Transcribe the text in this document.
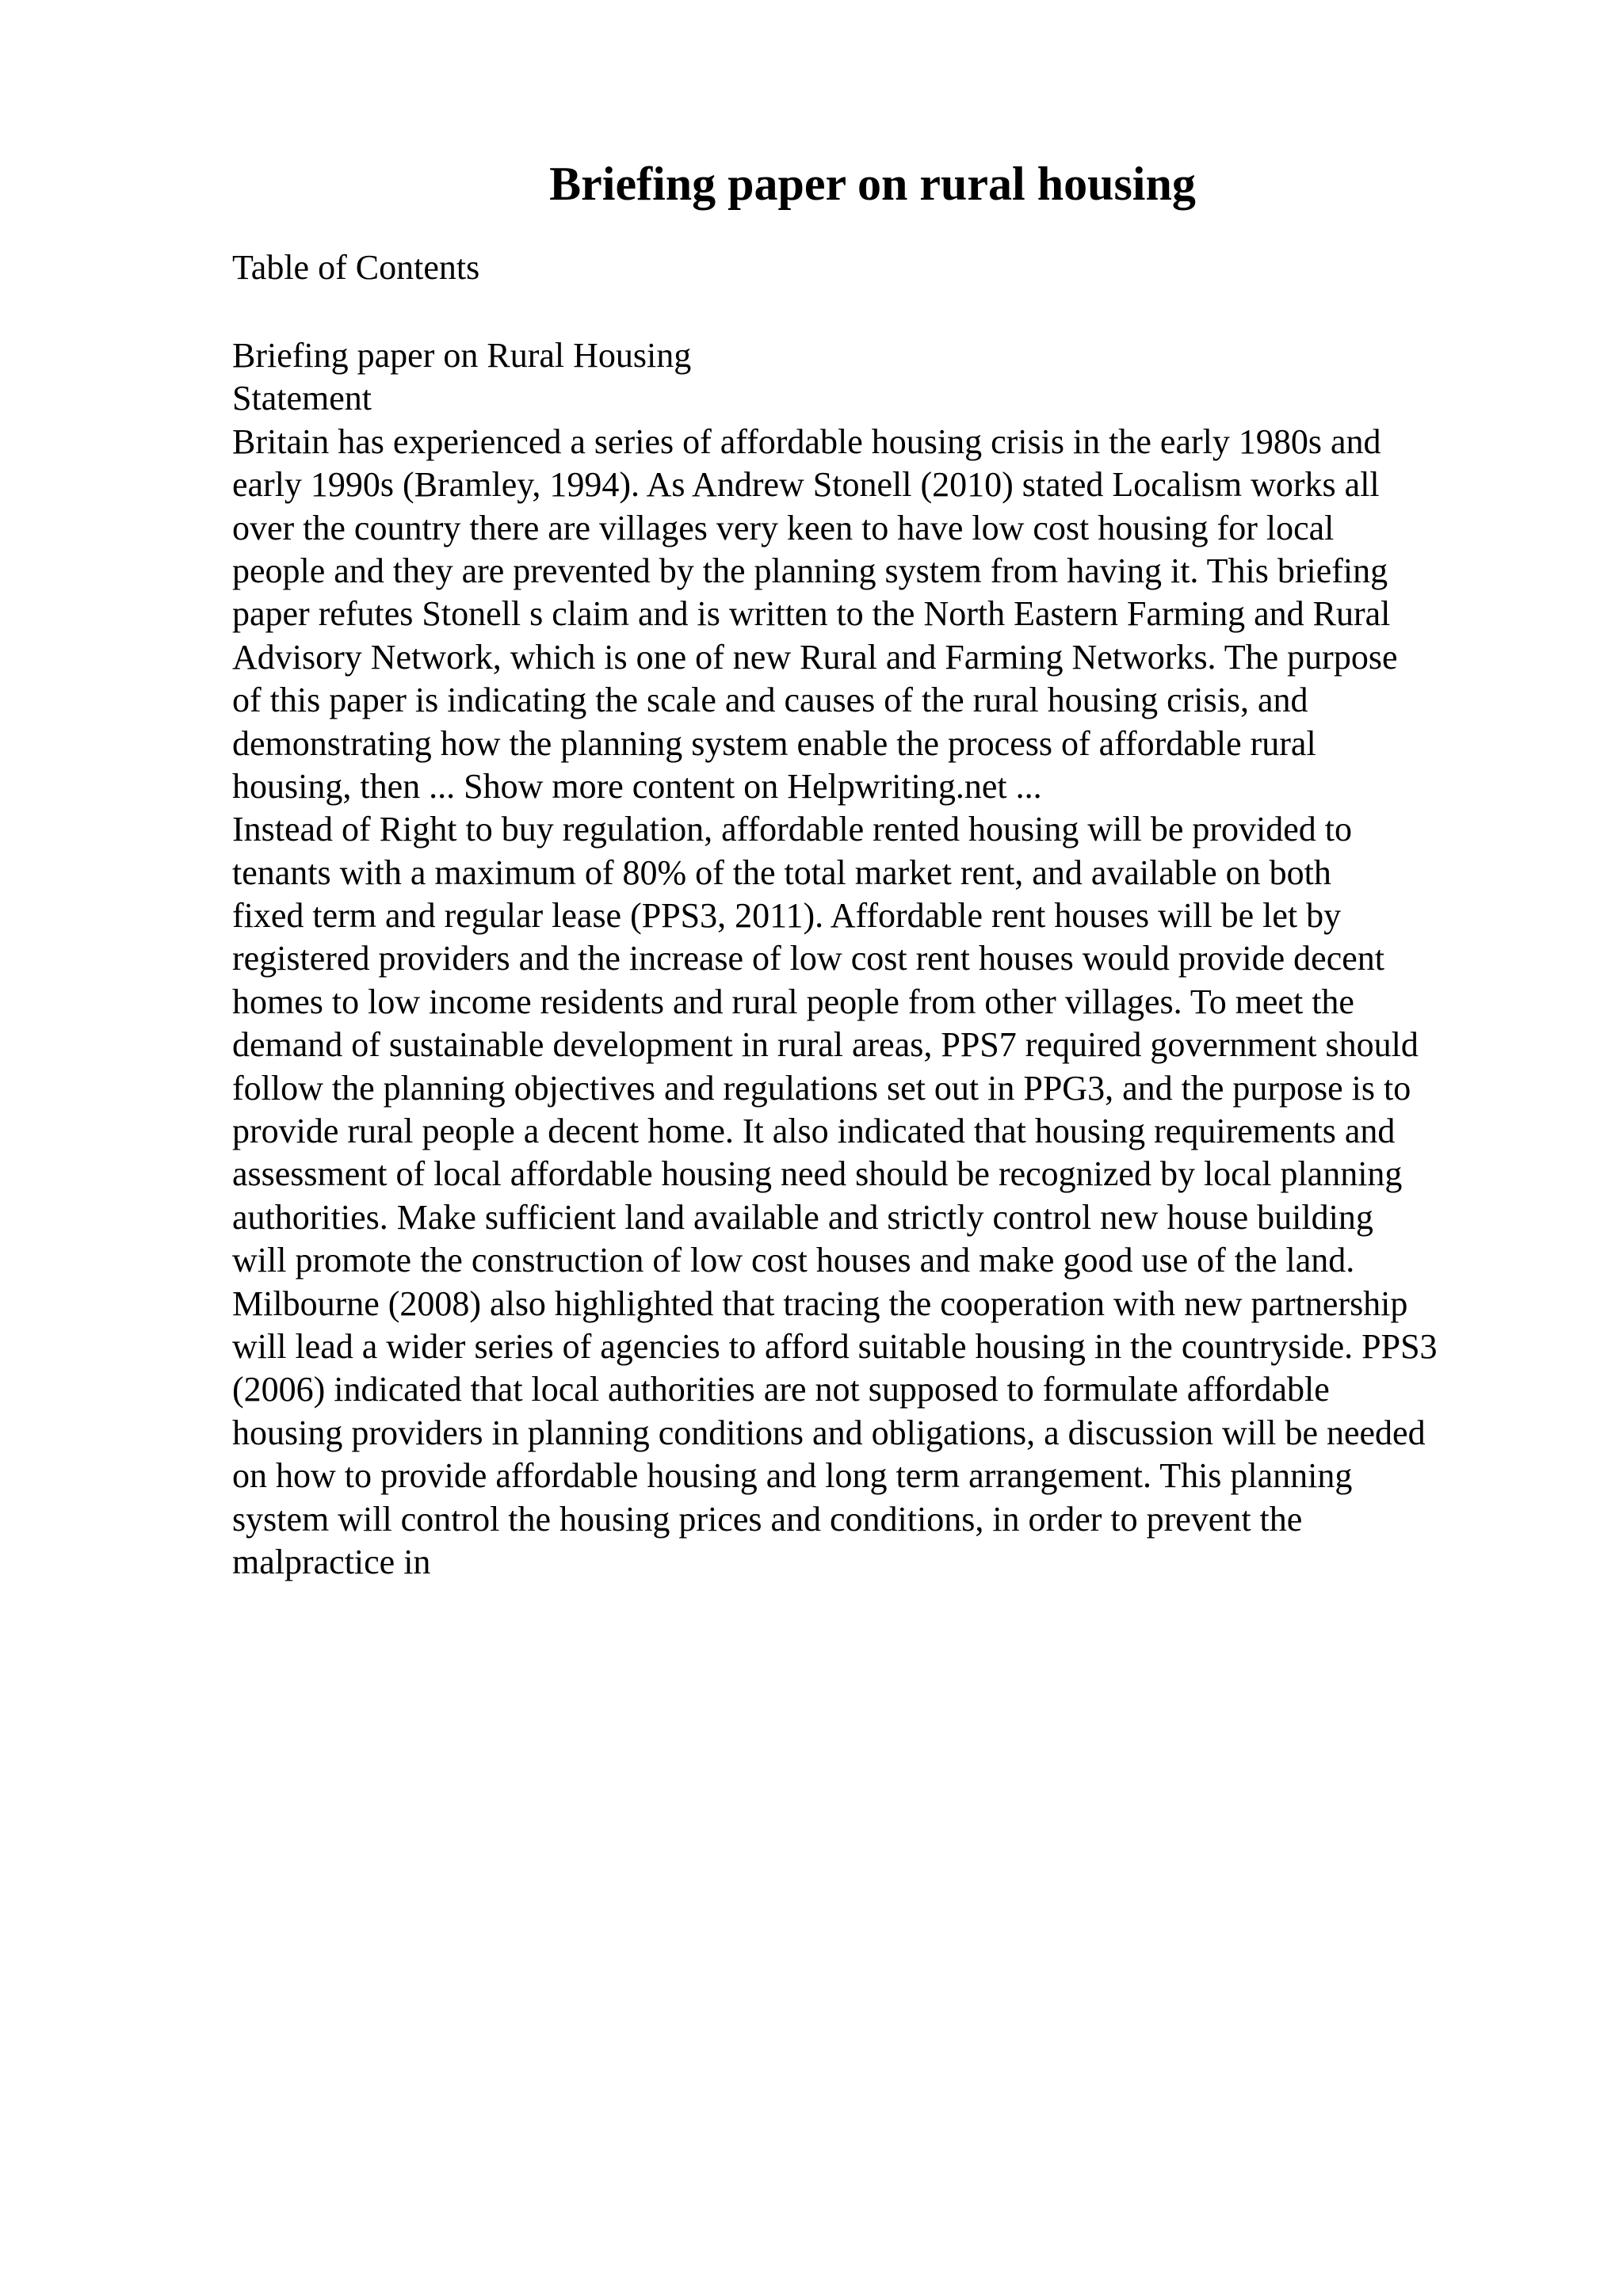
Briefing paper on rural housing

Table of Contents

Briefing paper on Rural Housing
Statement
Britain has experienced a series of affordable housing crisis in the early 1980s and
early 1990s (Bramley, 1994). As Andrew Stonell (2010) stated Localism works all
over the country there are villages very keen to have low cost housing for local
people and they are prevented by the planning system from having it. This briefing
paper refutes Stonell s claim and is written to the North Eastern Farming and Rural
Advisory Network, which is one of new Rural and Farming Networks. The purpose
of this paper is indicating the scale and causes of the rural housing crisis, and
demonstrating how the planning system enable the process of affordable rural
housing, then ... Show more content on Helpwriting.net ...
Instead of Right to buy regulation, affordable rented housing will be provided to
tenants with a maximum of 80% of the total market rent, and available on both
fixed term and regular lease (PPS3, 2011). Affordable rent houses will be let by
registered providers and the increase of low cost rent houses would provide decent
homes to low income residents and rural people from other villages. To meet the
demand of sustainable development in rural areas, PPS7 required government should
follow the planning objectives and regulations set out in PPG3, and the purpose is to
provide rural people a decent home. It also indicated that housing requirements and
assessment of local affordable housing need should be recognized by local planning
authorities. Make sufficient land available and strictly control new house building
will promote the construction of low cost houses and make good use of the land.
Milbourne (2008) also highlighted that tracing the cooperation with new partnership
will lead a wider series of agencies to afford suitable housing in the countryside. PPS3
(2006) indicated that local authorities are not supposed to formulate affordable
housing providers in planning conditions and obligations, a discussion will be needed
on how to provide affordable housing and long term arrangement. This planning
system will control the housing prices and conditions, in order to prevent the
malpractice in
